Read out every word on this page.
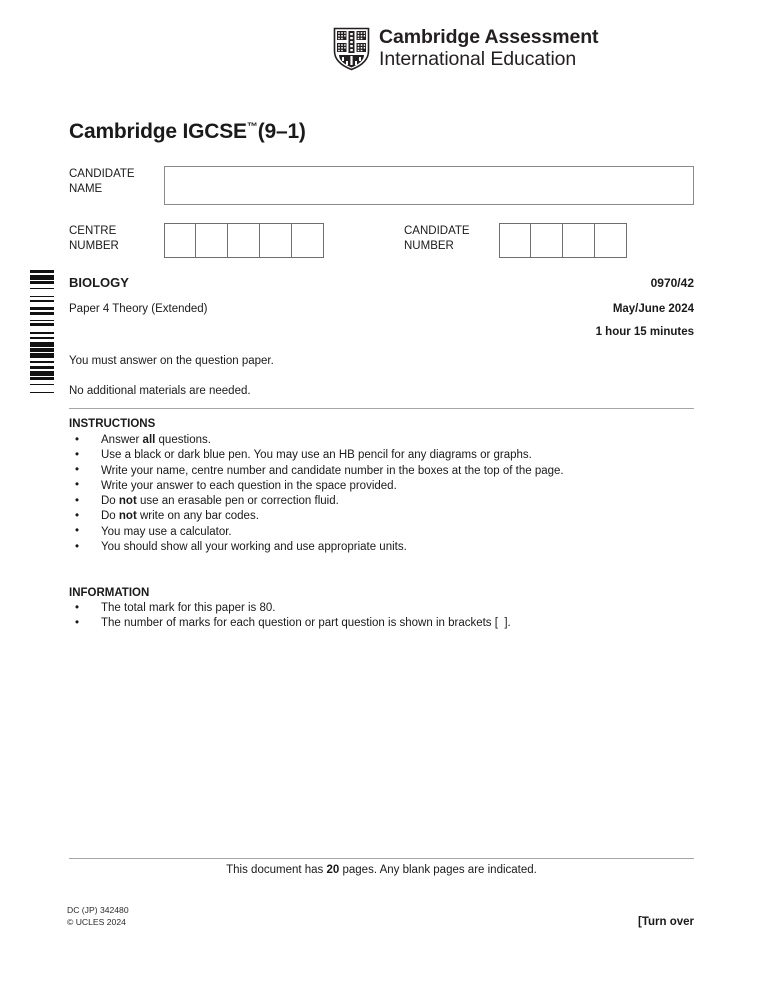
Cambridge Assessment
International Education
Cambridge IGCSE™(9–1)
CANDIDATE
NAME
CENTRE
NUMBER
CANDIDATE
NUMBER
BIOLOGY	0970/42
Paper 4 Theory (Extended)	May/June 2024
1 hour 15 minutes
You must answer on the question paper.
No additional materials are needed.
INSTRUCTIONS
• Answer all questions.
• Use a black or dark blue pen. You may use an HB pencil for any diagrams or graphs.
• Write your name, centre number and candidate number in the boxes at the top of the page.
• Write your answer to each question in the space provided.
• Do not use an erasable pen or correction fluid.
• Do not write on any bar codes.
• You may use a calculator.
• You should show all your working and use appropriate units.
INFORMATION
• The total mark for this paper is 80.
• The number of marks for each question or part question is shown in brackets [  ].
This document has 20 pages. Any blank pages are indicated.
DC (JP) 342480
© UCLES 2024	[Turn over
